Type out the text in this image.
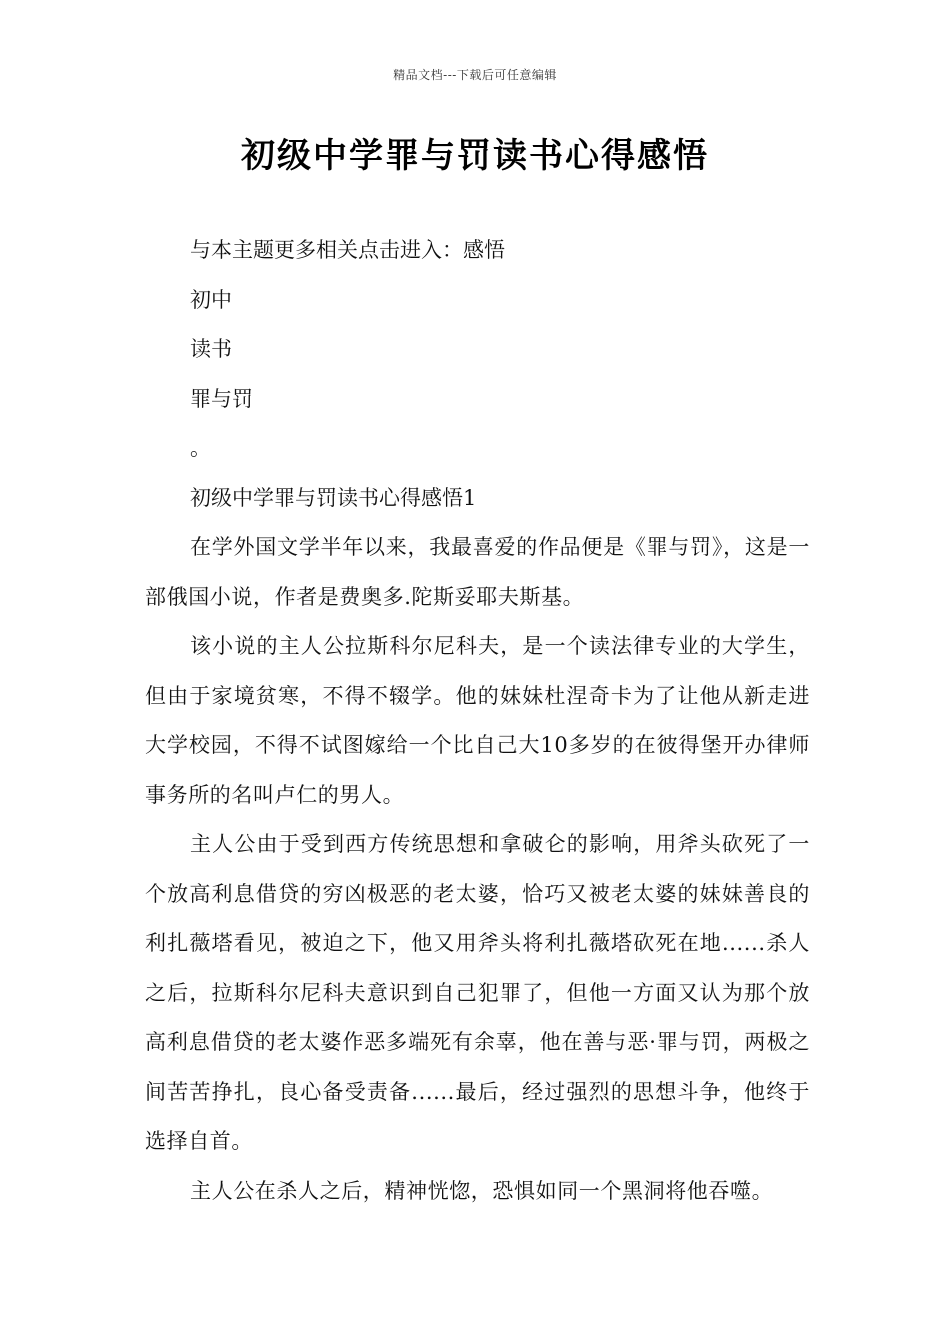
精品文档---下载后可任意编辑
初级中学罪与罚读书心得感悟
与本主题更多相关点击进入：感悟
初中
读书
罪与罚
。
初级中学罪与罚读书心得感悟1

在学外国文学半年以来，我最喜爱的作品便是《罪与罚》，这是一部俄国小说，作者是费奥多.陀斯妥耶夫斯基。

该小说的主人公拉斯科尔尼科夫，是一个读法律专业的大学生，但由于家境贫寒，不得不辍学。他的妹妹杜涅奇卡为了让他从新走进大学校园，不得不试图嫁给一个比自己大10多岁的在彼得堡开办律师事务所的名叫卢仁的男人。

主人公由于受到西方传统思想和拿破仑的影响，用斧头砍死了一个放高利息借贷的穷凶极恶的老太婆，恰巧又被老太婆的妹妹善良的利扎薇塔看见，被迫之下，他又用斧头将利扎薇塔砍死在地......杀人之后，拉斯科尔尼科夫意识到自己犯罪了，但他一方面又认为那个放高利息借贷的老太婆作恶多端死有余辜，他在善与恶·罪与罚，两极之间苦苦挣扎，良心备受责备......最后，经过强烈的思想斗争，他终于选择自首。

主人公在杀人之后，精神恍惚，恐惧如同一个黑洞将他吞噬。
